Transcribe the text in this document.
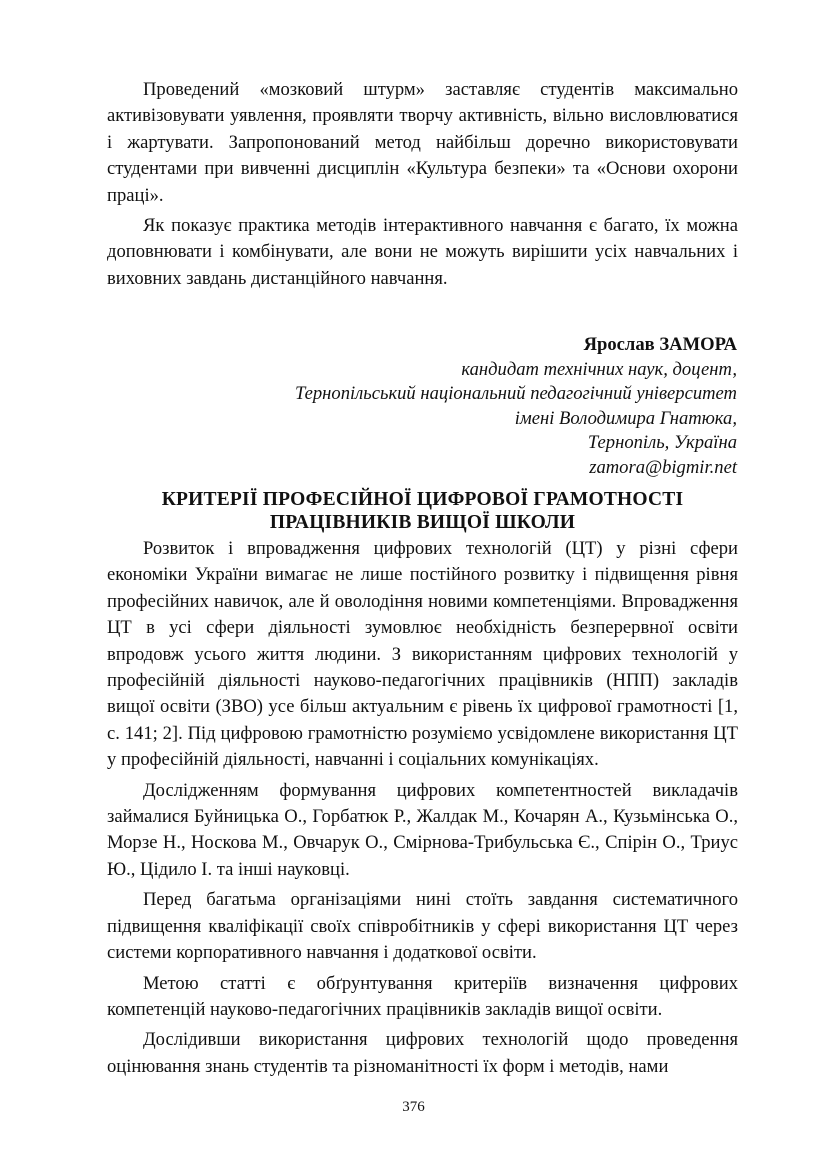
Проведений «мозковий штурм» заставляє студентів максимально активізовувати уявлення, проявляти творчу активність, вільно висловлюватися і жартувати. Запропонований метод найбільш доречно використовувати студентами при вивченні дисциплін «Культура безпеки» та «Основи охорони праці».

Як показує практика методів інтерактивного навчання є багато, їх можна доповнювати і комбінувати, але вони не можуть вирішити усіх навчальних і виховних завдань дистанційного навчання.

Ярослав ЗАМОРА
кандидат технічних наук, доцент,
Тернопільський національний педагогічний університет
імені Володимира Гнатюка,
Тернопіль, Україна
zamora@bigmir.net
КРИТЕРІЇ ПРОФЕСІЙНОЇ ЦИФРОВОЇ ГРАМОТНОСТІ
ПРАЦІВНИКІВ ВИЩОЇ ШКОЛИ

Розвиток і впровадження цифрових технологій (ЦТ) у різні сфери економіки України вимагає не лише постійного розвитку і підвищення рівня професійних навичок, але й оволодіння новими компетенціями. Впровадження ЦТ в усі сфери діяльності зумовлює необхідність безперервної освіти впродовж усього життя людини. З використанням цифрових технологій у професійній діяльності науково-педагогічних працівників (НПП) закладів вищої освіти (ЗВО) усе більш актуальним є рівень їх цифрової грамотності [1, с. 141; 2]. Під цифровою грамотністю розуміємо усвідомлене використання ЦТ у професійній діяльності, навчанні і соціальних комунікаціях.

Дослідженням формування цифрових компетентностей викладачів займалися Буйницька О., Горбатюк Р., Жалдак М., Кочарян А., Кузьмінська О., Морзе Н., Носкова М., Овчарук О., Смірнова-Трибульська Є., Спірін О., Триус Ю., Цідило І. та інші науковці.

Перед багатьма організаціями нині стоїть завдання систематичного підвищення кваліфікації своїх співробітників у сфері використання ЦТ через системи корпоративного навчання і додаткової освіти.

Метою статті є обґрунтування критеріїв визначення цифрових компетенцій науково-педагогічних працівників закладів вищої освіти.

Дослідивши використання цифрових технологій щодо проведення оцінювання знань студентів та різноманітності їх форм і методів, нами

376
